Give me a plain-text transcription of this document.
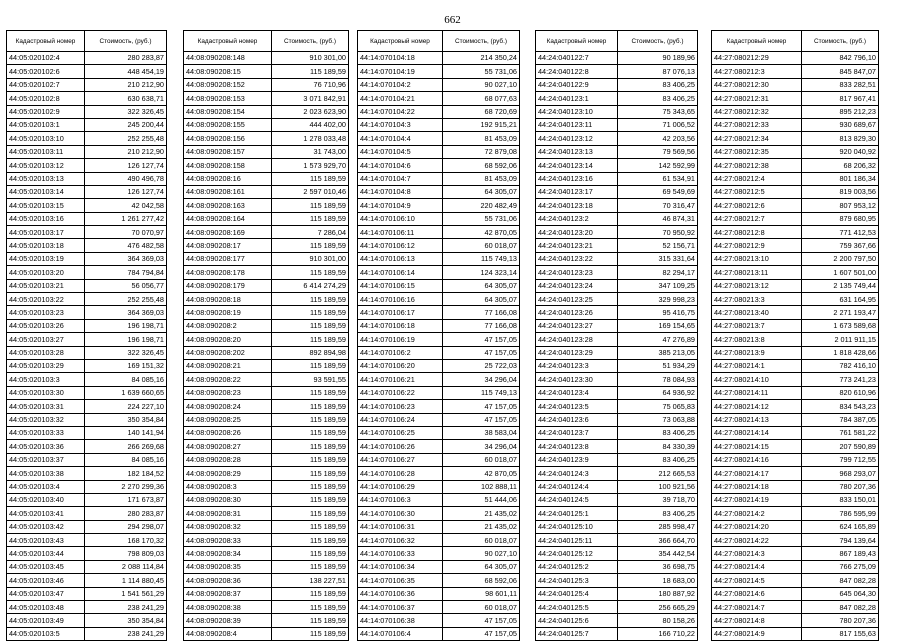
662
Кадастровый номер	Стоимость, (руб.)
44:05:020102:4	280 283,87
44:05:020102:6	448 454,19
44:05:020102:7	210 212,90
44:05:020102:8	630 638,71
44:05:020102:9	322 326,45
44:05:020103:1	245 200,44
44:05:020103:10	252 255,48
44:05:020103:11	210 212,90
44:05:020103:12	126 127,74
44:05:020103:13	490 496,78
44:05:020103:14	126 127,74
44:05:020103:15	42 042,58
44:05:020103:16	1 261 277,42
44:05:020103:17	70 070,97
44:05:020103:18	476 482,58
44:05:020103:19	364 369,03
44:05:020103:20	784 794,84
44:05:020103:21	56 056,77
44:05:020103:22	252 255,48
44:05:020103:23	364 369,03
44:05:020103:26	196 198,71
44:05:020103:27	196 198,71
44:05:020103:28	322 326,45
44:05:020103:29	169 151,32
44:05:020103:3	84 085,16
44:05:020103:30	1 639 660,65
44:05:020103:31	224 227,10
44:05:020103:32	350 354,84
44:05:020103:33	140 141,94
44:05:020103:36	266 269,68
44:05:020103:37	84 085,16
44:05:020103:38	182 184,52
44:05:020103:4	2 270 299,36
44:05:020103:40	171 673,87
44:05:020103:41	280 283,87
44:05:020103:42	294 298,07
44:05:020103:43	168 170,32
44:05:020103:44	798 809,03
44:05:020103:45	2 088 114,84
44:05:020103:46	1 114 880,45
44:05:020103:47	1 541 561,29
44:05:020103:48	238 241,29
44:05:020103:49	350 354,84
44:05:020103:5	238 241,29
Кадастровый номер	Стоимость, (руб.)
44:08:090208:148	910 301,00
44:08:090208:15	115 189,59
44:08:090208:152	76 710,96
44:08:090208:153	3 071 842,91
44:08:090208:154	2 023 623,90
44:08:090208:155	444 402,00
44:08:090208:156	1 278 033,48
44:08:090208:157	31 743,00
44:08:090208:158	1 573 929,70
44:08:090208:16	115 189,59
44:08:090208:161	2 597 010,46
44:08:090208:163	115 189,59
44:08:090208:164	115 189,59
44:08:090208:169	7 286,04
44:08:090208:17	115 189,59
44:08:090208:177	910 301,00
44:08:090208:178	115 189,59
44:08:090208:179	6 414 274,29
44:08:090208:18	115 189,59
44:08:090208:19	115 189,59
44:08:090208:2	115 189,59
44:08:090208:20	115 189,59
44:08:090208:202	892 894,98
44:08:090208:21	115 189,59
44:08:090208:22	93 591,55
44:08:090208:23	115 189,59
44:08:090208:24	115 189,59
44:08:090208:25	115 189,59
44:08:090208:26	115 189,59
44:08:090208:27	115 189,59
44:08:090208:28	115 189,59
44:08:090208:29	115 189,59
44:08:090208:3	115 189,59
44:08:090208:30	115 189,59
44:08:090208:31	115 189,59
44:08:090208:32	115 189,59
44:08:090208:33	115 189,59
44:08:090208:34	115 189,59
44:08:090208:35	115 189,59
44:08:090208:36	138 227,51
44:08:090208:37	115 189,59
44:08:090208:38	115 189,59
44:08:090208:39	115 189,59
44:08:090208:4	115 189,59
Кадастровый номер	Стоимость, (руб.)
44:14:070104:18	214 350,24
44:14:070104:19	55 731,06
44:14:070104:2	90 027,10
44:14:070104:21	68 077,63
44:14:070104:22	68 720,69
44:14:070104:3	192 915,21
44:14:070104:4	81 453,09
44:14:070104:5	72 879,08
44:14:070104:6	68 592,06
44:14:070104:7	81 453,09
44:14:070104:8	64 305,07
44:14:070104:9	220 482,49
44:14:070106:10	55 731,06
44:14:070106:11	42 870,05
44:14:070106:12	60 018,07
44:14:070106:13	115 749,13
44:14:070106:14	124 323,14
44:14:070106:15	64 305,07
44:14:070106:16	64 305,07
44:14:070106:17	77 166,08
44:14:070106:18	77 166,08
44:14:070106:19	47 157,05
44:14:070106:2	47 157,05
44:14:070106:20	25 722,03
44:14:070106:21	34 296,04
44:14:070106:22	115 749,13
44:14:070106:23	47 157,05
44:14:070106:24	47 157,05
44:14:070106:25	38 583,04
44:14:070106:26	34 296,04
44:14:070106:27	60 018,07
44:14:070106:28	42 870,05
44:14:070106:29	102 888,11
44:14:070106:3	51 444,06
44:14:070106:30	21 435,02
44:14:070106:31	21 435,02
44:14:070106:32	60 018,07
44:14:070106:33	90 027,10
44:14:070106:34	64 305,07
44:14:070106:35	68 592,06
44:14:070106:36	98 601,11
44:14:070106:37	60 018,07
44:14:070106:38	47 157,05
44:14:070106:4	47 157,05
Кадастровый номер	Стоимость, (руб.)
44:24:040122:7	90 189,96
44:24:040122:8	87 076,13
44:24:040122:9	83 406,25
44:24:040123:1	83 406,25
44:24:040123:10	75 343,65
44:24:040123:11	71 006,52
44:24:040123:12	42 203,56
44:24:040123:13	79 569,56
44:24:040123:14	142 592,99
44:24:040123:16	61 534,91
44:24:040123:17	69 549,69
44:24:040123:18	70 316,47
44:24:040123:2	46 874,31
44:24:040123:20	70 950,92
44:24:040123:21	52 156,71
44:24:040123:22	315 331,64
44:24:040123:23	82 294,17
44:24:040123:24	347 109,25
44:24:040123:25	329 998,23
44:24:040123:26	95 416,75
44:24:040123:27	169 154,65
44:24:040123:28	47 276,89
44:24:040123:29	385 213,05
44:24:040123:3	51 934,29
44:24:040123:30	78 084,93
44:24:040123:4	64 936,92
44:24:040123:5	75 065,83
44:24:040123:6	73 063,88
44:24:040123:7	83 406,25
44:24:040123:8	84 330,39
44:24:040123:9	83 406,25
44:24:040124:3	212 665,53
44:24:040124:4	100 921,56
44:24:040124:5	39 718,70
44:24:040125:1	83 406,25
44:24:040125:10	285 998,47
44:24:040125:11	366 664,70
44:24:040125:12	354 442,54
44:24:040125:2	36 698,75
44:24:040125:3	18 683,00
44:24:040125:4	180 887,92
44:24:040125:5	256 665,29
44:24:040125:6	80 158,26
44:24:040125:7	166 710,22
Кадастровый номер	Стоимость, (руб.)
44:27:080212:29	842 796,10
44:27:080212:3	845 847,07
44:27:080212:30	833 282,51
44:27:080212:31	817 967,41
44:27:080212:32	895 212,23
44:27:080212:33	930 689,67
44:27:080212:34	813 829,30
44:27:080212:35	920 040,92
44:27:080212:38	68 206,32
44:27:080212:4	801 186,34
44:27:080212:5	819 003,56
44:27:080212:6	807 953,12
44:27:080212:7	879 680,95
44:27:080212:8	771 412,53
44:27:080212:9	759 367,66
44:27:080213:10	2 200 797,50
44:27:080213:11	1 607 501,00
44:27:080213:12	2 135 749,44
44:27:080213:3	631 164,95
44:27:080213:40	2 271 193,47
44:27:080213:7	1 673 589,68
44:27:080213:8	2 011 911,15
44:27:080213:9	1 818 428,66
44:27:080214:1	782 416,10
44:27:080214:10	773 241,23
44:27:080214:11	820 610,96
44:27:080214:12	834 543,23
44:27:080214:13	784 387,05
44:27:080214:14	761 581,22
44:27:080214:15	207 590,89
44:27:080214:16	799 712,55
44:27:080214:17	968 293,07
44:27:080214:18	780 207,36
44:27:080214:19	833 150,01
44:27:080214:2	786 595,99
44:27:080214:20	624 165,89
44:27:080214:22	794 139,64
44:27:080214:3	867 189,43
44:27:080214:4	766 275,09
44:27:080214:5	847 082,28
44:27:080214:6	645 064,30
44:27:080214:7	847 082,28
44:27:080214:8	780 207,36
44:27:080214:9	817 155,63
